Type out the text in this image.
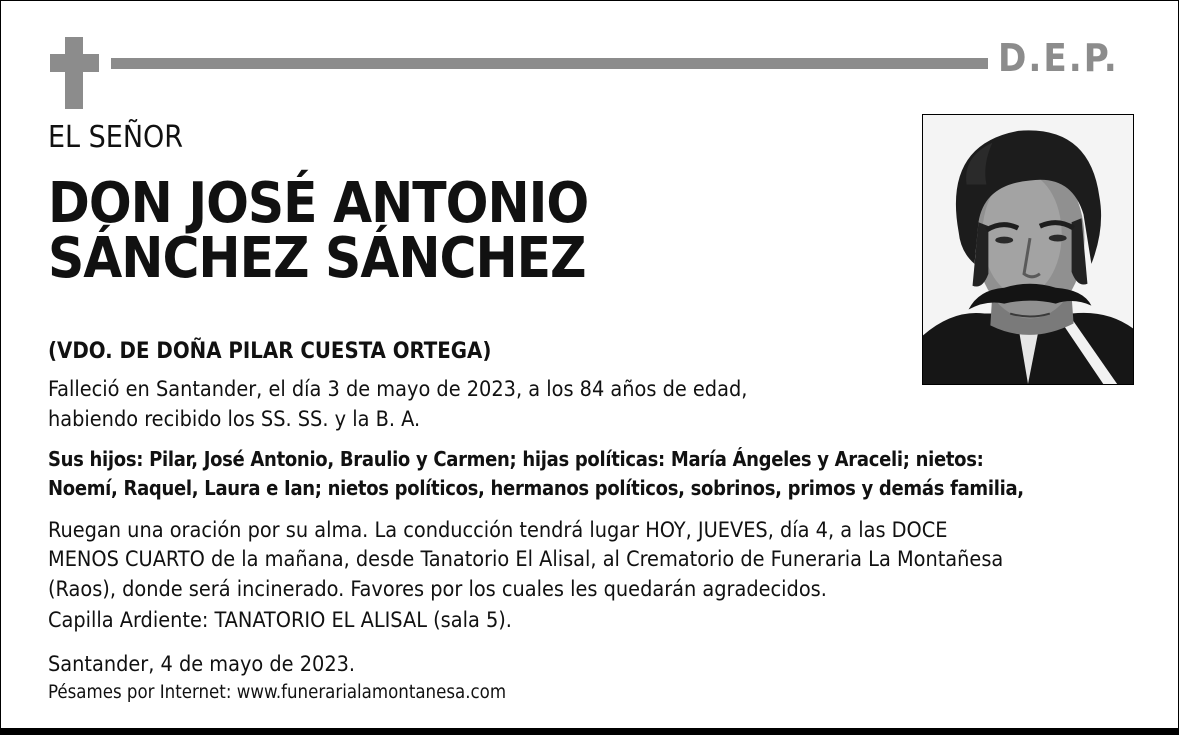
D.E.P.
EL SEÑOR
DON JOSÉ ANTONIO
SÁNCHEZ SÁNCHEZ
(VDO. DE DOÑA PILAR CUESTA ORTEGA)
Falleció en Santander, el día 3 de mayo de 2023, a los 84 años de edad,
habiendo recibido los SS. SS. y la B. A.
Sus hijos: Pilar, José Antonio, Braulio y Carmen; hijas políticas: María Ángeles y Araceli; nietos:
Noemí, Raquel, Laura e Ian; nietos políticos, hermanos políticos, sobrinos, primos y demás familia,
Ruegan una oración por su alma. La conducción tendrá lugar HOY, JUEVES, día 4, a las DOCE
MENOS CUARTO de la mañana, desde Tanatorio El Alisal, al Crematorio de Funeraria La Montañesa
(Raos), donde será incinerado. Favores por los cuales les quedarán agradecidos.
Capilla Ardiente: TANATORIO EL ALISAL (sala 5).
Santander, 4 de mayo de 2023.
Pésames por Internet: www.funerarialamontanesa.com
